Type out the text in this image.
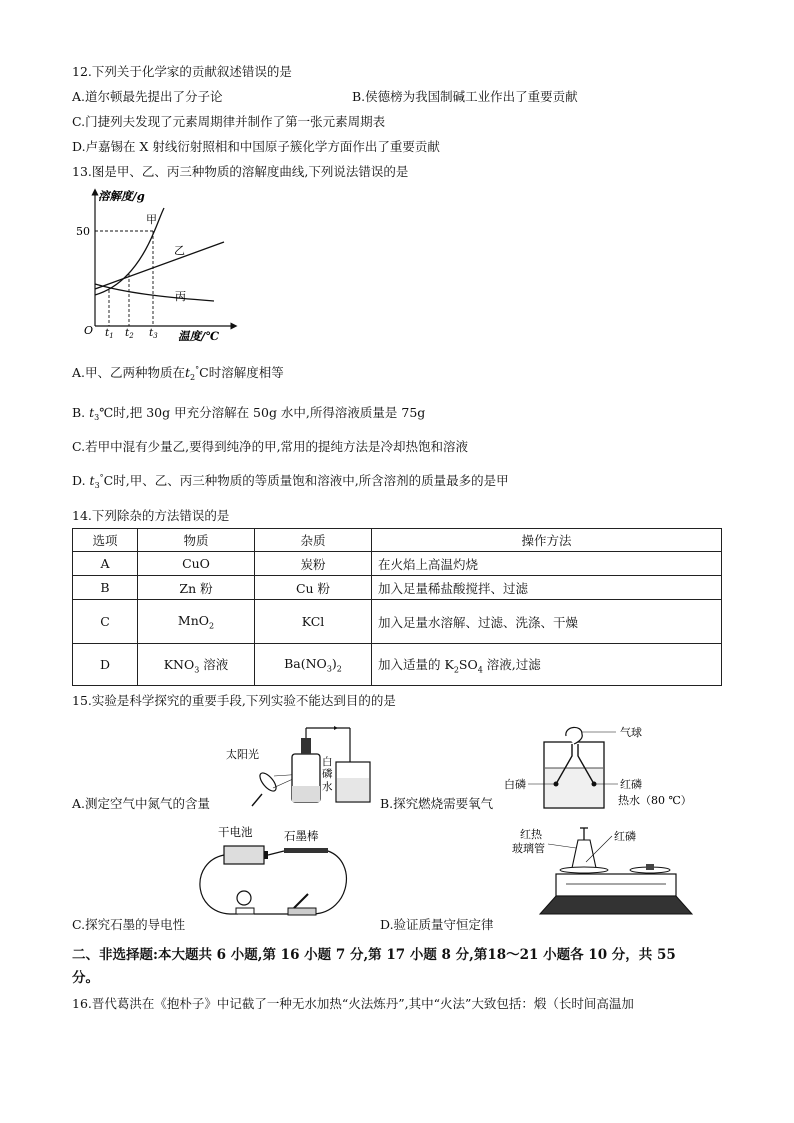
12.下列关于化学家的贡献叙述错误的是
A.道尔顿最先提出了分子论	B.侯德榜为我国制碱工业作出了重要贡献
C.门捷列夫发现了元素周期律并制作了第一张元素周期表
D.卢嘉锡在 X 射线衍射照相和中国原子簇化学方面作出了重要贡献
13.图是甲、乙、丙三种物质的溶解度曲线,下列说法错误的是
溶解度/g
温度/℃
O
50
甲
乙
丙
t1 t2 t3
A.甲、乙两种物质在$t_2^\circ C$时溶解度相等
B. $t_3℃$时,把 30g 甲充分溶解在 50g 水中,所得溶液质量是 75g
C.若甲中混有少量乙,要得到纯净的甲,常用的提纯方法是冷却热饱和溶液
D. $t_3^\circ C$时,甲、乙、丙三种物质的等质量饱和溶液中,所含溶剂的质量最多的是甲
14.下列除杂的方法错误的是
选项	物质	杂质	操作方法
A	CuO	炭粉	在火焰上高温灼烧
B	Zn 粉	Cu 粉	加入足量稀盐酸搅拌、过滤
C	MnO$_2$	KCl	加入足量水溶解、过滤、洗涤、干燥
D	$KNO_3$ 溶液	$Ba(NO_3)_2$	加入适量的 $K_2SO_4$ 溶液,过滤
15.实验是科学探究的重要手段,下列实验不能达到目的的是
太阳光
白
磷
水
A.测定空气中氮气的含量
气球
白磷	红磷
热水（80 ℃）
B.探究燃烧需要氧气
干电池	石墨棒
C.探究石墨的导电性
红热
玻璃管
红磷
D.验证质量守恒定律
二、非选择题:本大题共 6 小题,第 16 小题 7 分,第 17 小题 8 分,第18～21 小题各 10 分，共 55
分。
16.晋代葛洪在《抱朴子》中记截了一种无水加热“火法炼丹”,其中“火法”大致包括：煅（长时间高温加
